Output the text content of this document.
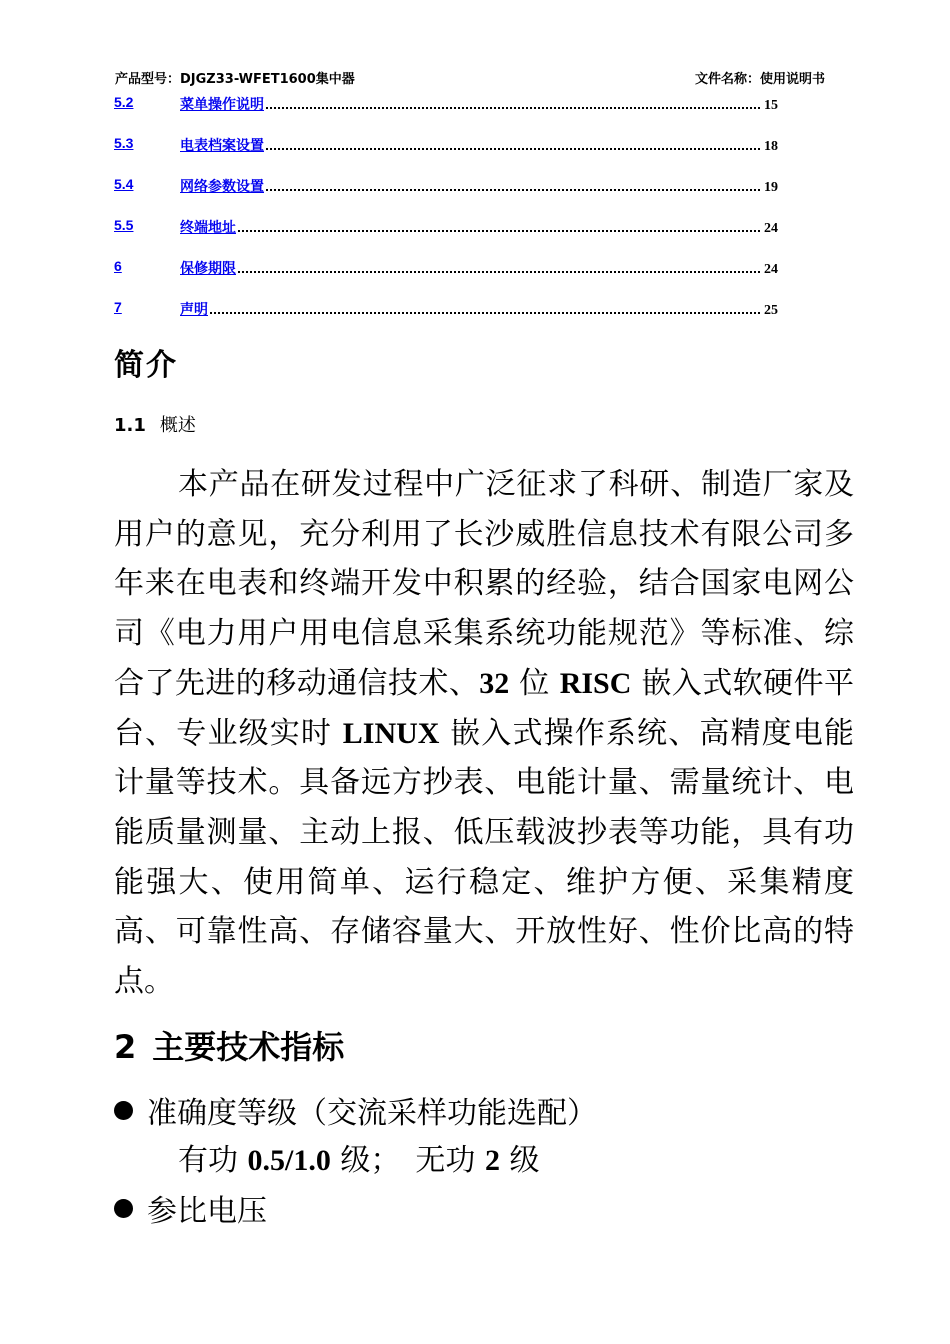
产品型号：DJGZ33-WFET1600集中器	文件名称：使用说明书
5.2	菜单操作说明	15
5.3	电表档案设置	18
5.4	网络参数设置	19
5.5	终端地址	24
6	保修期限	24
7	声明	25
简介
1.1 概述
本产品在研发过程中广泛征求了科研、制造厂家及用户的意见，充分利用了长沙威胜信息技术有限公司多年来在电表和终端开发中积累的经验，结合国家电网公司《电力用户用电信息采集系统功能规范》等标准、综合了先进的移动通信技术、32 位 RISC 嵌入式软硬件平台、专业级实时 LINUX 嵌入式操作系统、高精度电能计量等技术。具备远方抄表、电能计量、需量统计、电能质量测量、主动上报、低压载波抄表等功能，具有功能强大、使用简单、运行稳定、维护方便、采集精度高、可靠性高、存储容量大、开放性好、性价比高的特点。
2 主要技术指标
准确度等级（交流采样功能选配）
有功 0.5/1.0 级；　无功 2 级
参比电压
